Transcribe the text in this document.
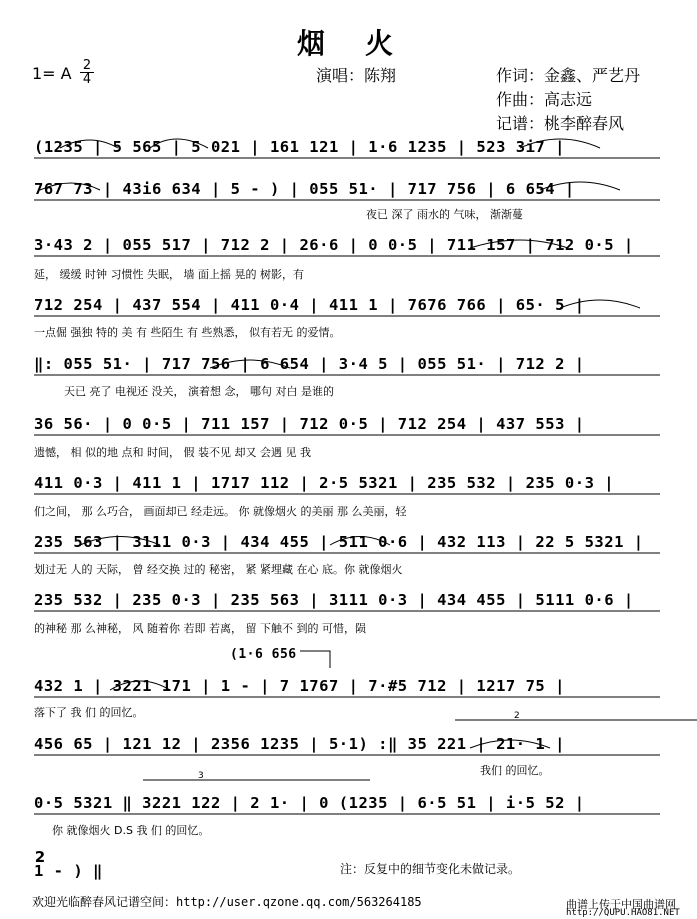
烟火
1= A $\frac{2}{4}$	演唱：陈翔	作词：金鑫、严艺丹
作曲：高志远
记谱：桃李醉春风
(1235 | 5 565 | 5 021 | 161 121 | 1·6 1235 | 523 3i7 |
767 73 | 43i6 634 | 5 - ) | 055 51· | 717 756 | 6 654 |
夜已 深了 雨水的 气味， 渐渐蔓
3·43 2 | 055 517 | 712 2 | 26·6 | 0 0·5 | 711 157 | 712 0·5 |
延， 缓缓 时钟 习惯性 失眠， 墙 面上摇 晃的 树影，有
712 254 | 437 554 | 411 0·4 | 411 1 | 7676 766 | 65· 5 |
一点倔 强独 特的 美 有 些陌生 有 些熟悉， 似有若无 的爱情。
‖: 055 51· | 717 756 | 6 654 | 3·4 5 | 055 51· | 712 2 |
天已 亮了 电视还 没关， 演着想 念， 哪句 对白 是谁的
36 56· | 0 0·5 | 711 157 | 712 0·5 | 712 254 | 437 553 |
遗憾， 相 似的地 点和 时间， 假 装不见 却又 会遇 见 我
411 0·3 | 411 1 | 1717 112 | 2·5 5321 | 235 532 | 235 0·3 |
们之间， 那 么巧合， 画面却已 经走远。 你 就像烟火 的美丽 那 么美丽，轻
235 563 | 3111 0·3 | 434 455 | 511 0·6 | 432 113 | 22 5 5321 |
划过无 人的 天际， 曾 经交换 过的 秘密， 紧 紧埋藏 在心 底。你 就像烟火
235 532 | 235 0·3 | 235 563 | 3111 0·3 | 434 455 | 5111 0·6 |
的神秘 那 么神秘， 风 随着你 若即 若离， 留 下触不 到的 可惜，陨
(1·6 656
432 1 | 3221 171 | 1 - | 7 1767 | 7·#5 712 | 1217 75 |
落下了 我 们 的回忆。
456 65 | 121 12 | 2356 1235 | 5·1) :‖ 35 221 | 21· 1 |
我们 的回忆。
0·5 5321 ‖ 3221 122 | 2 1· | 0 (1235 | 6·5 51 | i·5 52 |
你 就像烟火 D.S 我 们 的回忆。
2
1 - ) ‖	注：反复中的细节变化未做记录。
欢迎光临醉春风记谱空间：http://user.qzone.qq.com/563264185	曲谱上传于中国曲谱网
http://QUPU.HAO81.NET
2
3
